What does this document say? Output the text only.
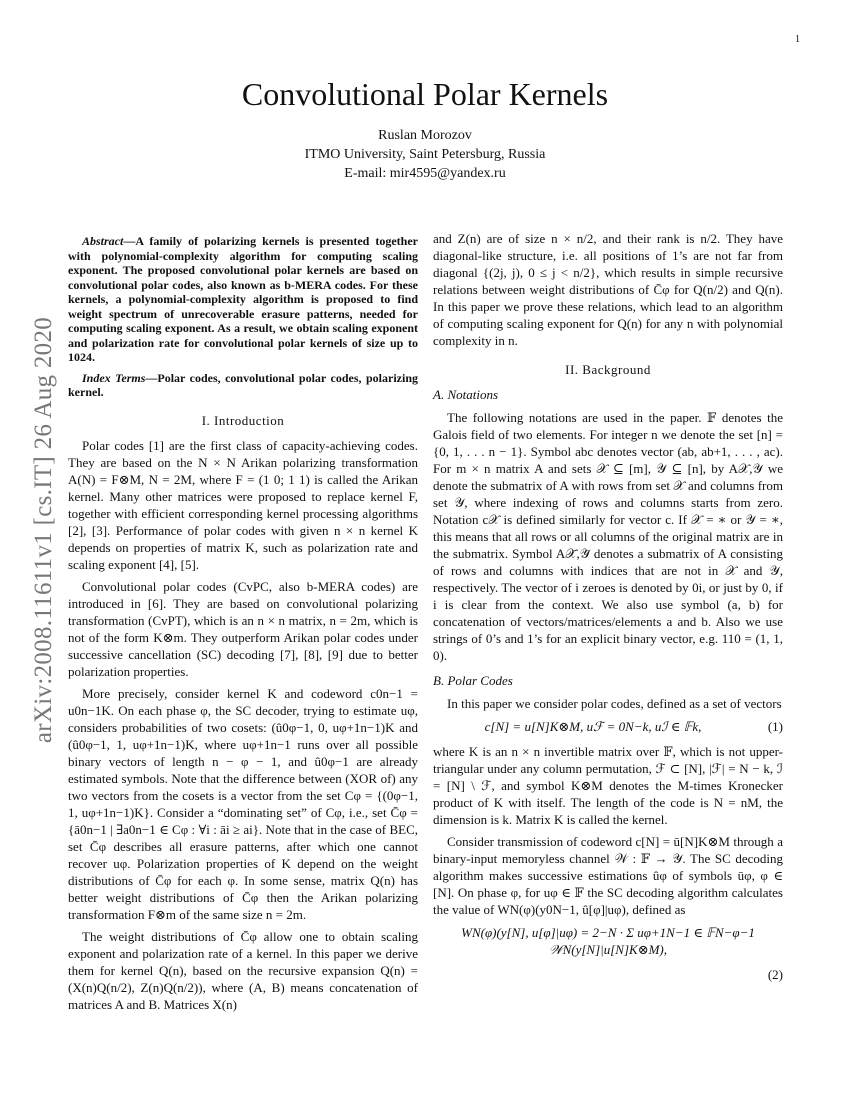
1
arXiv:2008.11611v1 [cs.IT] 26 Aug 2020
Convolutional Polar Kernels
Ruslan Morozov
ITMO University, Saint Petersburg, Russia
E-mail: mir4595@yandex.ru
Abstract—A family of polarizing kernels is presented together with polynomial-complexity algorithm for computing scaling exponent. The proposed convolutional polar kernels are based on convolutional polar codes, also known as b-MERA codes. For these kernels, a polynomial-complexity algorithm is proposed to find weight spectrum of unrecoverable erasure patterns, needed for computing scaling exponent. As a result, we obtain scaling exponent and polarization rate for convolutional polar kernels of size up to 1024.
Index Terms—Polar codes, convolutional polar codes, polarizing kernel.
I. Introduction

Polar codes [1] are the first class of capacity-achieving codes. They are based on the N × N Arikan polarizing transformation A(N) = F⊗M, N = 2M, where F = (1 0; 1 1) is called the Arikan kernel. Many other matrices were proposed to replace kernel F, together with efficient corresponding kernel processing algorithms [2], [3]. Performance of polar codes with given n × n kernel K depends on properties of matrix K, such as polarization rate and scaling exponent [4], [5].

Convolutional polar codes (CvPC, also b-MERA codes) are introduced in [6]. They are based on convolutional polarizing transformation (CvPT), which is an n × n matrix, n = 2m, which is not of the form K⊗m. They outperform Arikan polar codes under successive cancellation (SC) decoding [7], [8], [9] due to better polarization properties.

More precisely, consider kernel K and codeword c0n−1 = u0n−1K. On each phase φ, the SC decoder, trying to estimate uφ, considers probabilities of two cosets: (û0φ−1, 0, uφ+1n−1)K and (û0φ−1, 1, uφ+1n−1)K, where uφ+1n−1 runs over all possible binary vectors of length n − φ − 1, and û0φ−1 are already estimated symbols. Note that the difference between (XOR of) any two vectors from the cosets is a vector from the set Cφ = {(0φ−1, 1, uφ+1n−1)K}. Consider a “dominating set” of Cφ, i.e., set C̄φ = {ā0n−1 | ∃a0n−1 ∈ Cφ : ∀i : āi ≥ ai}. Note that in the case of BEC, set C̄φ describes all erasure patterns, after which one cannot recover uφ. Polarization properties of K depend on the weight distributions of C̄φ for each φ. In some sense, matrix Q(n) has better weight distributions of C̄φ then the Arikan polarizing transformation F⊗m of the same size n = 2m.

The weight distributions of C̄φ allow one to obtain scaling exponent and polarization rate of a kernel. In this paper we derive them for kernel Q(n), based on the recursive expansion Q(n) = (X(n)Q(n/2), Z(n)Q(n/2)), where (A, B) means concatenation of matrices A and B. Matrices X(n)

and Z(n) are of size n × n/2, and their rank is n/2. They have diagonal-like structure, i.e. all positions of 1’s are not far from diagonal {(2j, j), 0 ≤ j < n/2}, which results in simple recursive relations between weight distributions of C̄φ for Q(n/2) and Q(n). In this paper we prove these relations, which lead to an algorithm of computing scaling exponent for Q(n) for any n with polynomial complexity in n.

II. Background
A. Notations

The following notations are used in the paper. 𝔽 denotes the Galois field of two elements. For integer n we denote the set [n] = {0, 1, . . . n − 1}. Symbol abc denotes vector (ab, ab+1, . . . , ac). For m × n matrix A and sets 𝒳 ⊆ [m], 𝒴 ⊆ [n], by A𝒳,𝒴 we denote the submatrix of A with rows from set 𝒳 and columns from set 𝒴, where indexing of rows and columns starts from zero. Notation c𝒳 is defined similarly for vector c. If 𝒳 = ∗ or 𝒴 = ∗, this means that all rows or all columns of the original matrix are in the submatrix. Symbol A𝒳̄,𝒴̄ denotes a submatrix of A consisting of rows and columns with indices that are not in 𝒳 and 𝒴, respectively. The vector of i zeroes is denoted by 0i, or just by 0, if i is clear from the context. We also use symbol (a, b) for concatenation of vectors/matrices/elements a and b. Also we use strings of 0’s and 1’s for an explicit binary vector, e.g. 110 = (1, 1, 0).

B. Polar Codes

In this paper we consider polar codes, defined as a set of vectors

c[N] = u[N]K⊗M, uℱ = 0N−k, uℐ ∈ 𝔽k,	(1)

where K is an n × n invertible matrix over 𝔽, which is not upper-triangular under any column permutation, ℱ ⊂ [N], |ℱ| = N − k, ℐ = [N] \ ℱ, and symbol K⊗M denotes the M-times Kronecker product of K with itself. The length of the code is N = nM, the dimension is k. Matrix K is called the kernel.

Consider transmission of codeword c[N] = ū[N]K⊗M through a binary-input memoryless channel 𝒲 : 𝔽 → 𝒴. The SC decoding algorithm makes successive estimations ûφ of symbols ūφ, φ ∈ [N]. On phase φ, for uφ ∈ 𝔽 the SC decoding algorithm calculates the value of WN(φ)(y0N−1, û[φ]|uφ), defined as

WN(φ)(y[N], u[φ]|uφ) = 2−N · Σ uφ+1N−1 ∈ 𝔽N−φ−1 𝒲N(y[N]|u[N]K⊗M),
(2)
